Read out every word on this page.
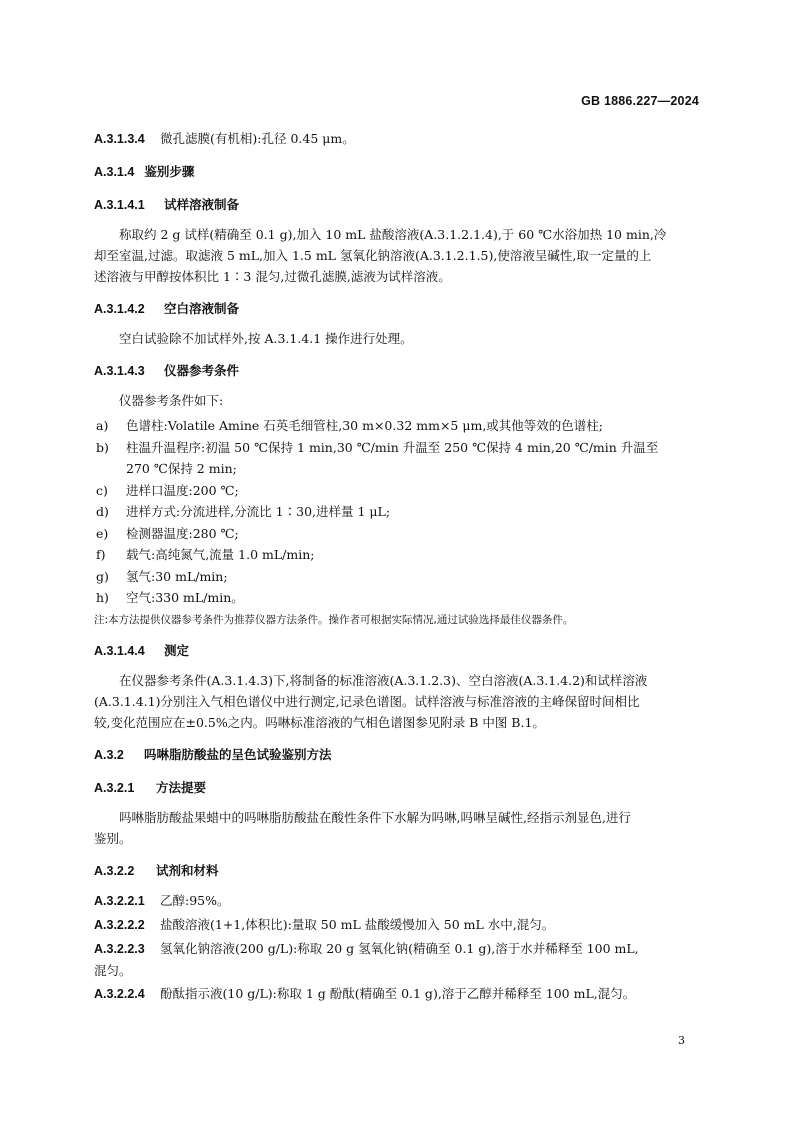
GB 1886.227—2024
A.3.1.3.4 微孔滤膜(有机相):孔径 0.45 μm。
A.3.1.4 鉴别步骤
A.3.1.4.1 试样溶液制备
称取约 2 g 试样(精确至 0.1 g),加入 10 mL 盐酸溶液(A.3.1.2.1.4),于 60 ℃水浴加热 10 min,冷
却至室温,过滤。取滤液 5 mL,加入 1.5 mL 氢氧化钠溶液(A.3.1.2.1.5),使溶液呈碱性,取一定量的上
述溶液与甲醇按体积比 1∶3 混匀,过微孔滤膜,滤液为试样溶液。
A.3.1.4.2 空白溶液制备
空白试验除不加试样外,按 A.3.1.4.1 操作进行处理。
A.3.1.4.3 仪器参考条件
仪器参考条件如下:
a) 色谱柱:Volatile Amine 石英毛细管柱,30 m×0.32 mm×5 μm,或其他等效的色谱柱;
b) 柱温升温程序:初温 50 ℃保持 1 min,30 ℃/min 升温至 250 ℃保持 4 min,20 ℃/min 升温至
270 ℃保持 2 min;
c) 进样口温度:200 ℃;
d) 进样方式:分流进样,分流比 1∶30,进样量 1 μL;
e) 检测器温度:280 ℃;
f) 载气:高纯氮气,流量 1.0 mL/min;
g) 氢气:30 mL/min;
h) 空气:330 mL/min。
注:本方法提供仪器参考条件为推荐仪器方法条件。操作者可根据实际情况,通过试验选择最佳仪器条件。
A.3.1.4.4 测定
在仪器参考条件(A.3.1.4.3)下,将制备的标准溶液(A.3.1.2.3)、空白溶液(A.3.1.4.2)和试样溶液
(A.3.1.4.1)分别注入气相色谱仪中进行测定,记录色谱图。试样溶液与标准溶液的主峰保留时间相比
较,变化范围应在±0.5%之内。吗啉标准溶液的气相色谱图参见附录 B 中图 B.1。
A.3.2 吗啉脂肪酸盐的呈色试验鉴别方法
A.3.2.1 方法提要
吗啉脂肪酸盐果蜡中的吗啉脂肪酸盐在酸性条件下水解为吗啉,吗啉呈碱性,经指示剂显色,进行
鉴别。
A.3.2.2 试剂和材料
A.3.2.2.1 乙醇:95%。
A.3.2.2.2 盐酸溶液(1+1,体积比):量取 50 mL 盐酸缓慢加入 50 mL 水中,混匀。
A.3.2.2.3 氢氧化钠溶液(200 g/L):称取 20 g 氢氧化钠(精确至 0.1 g),溶于水并稀释至 100 mL,
混匀。
A.3.2.2.4 酚酞指示液(10 g/L):称取 1 g 酚酞(精确至 0.1 g),溶于乙醇并稀释至 100 mL,混匀。
3
